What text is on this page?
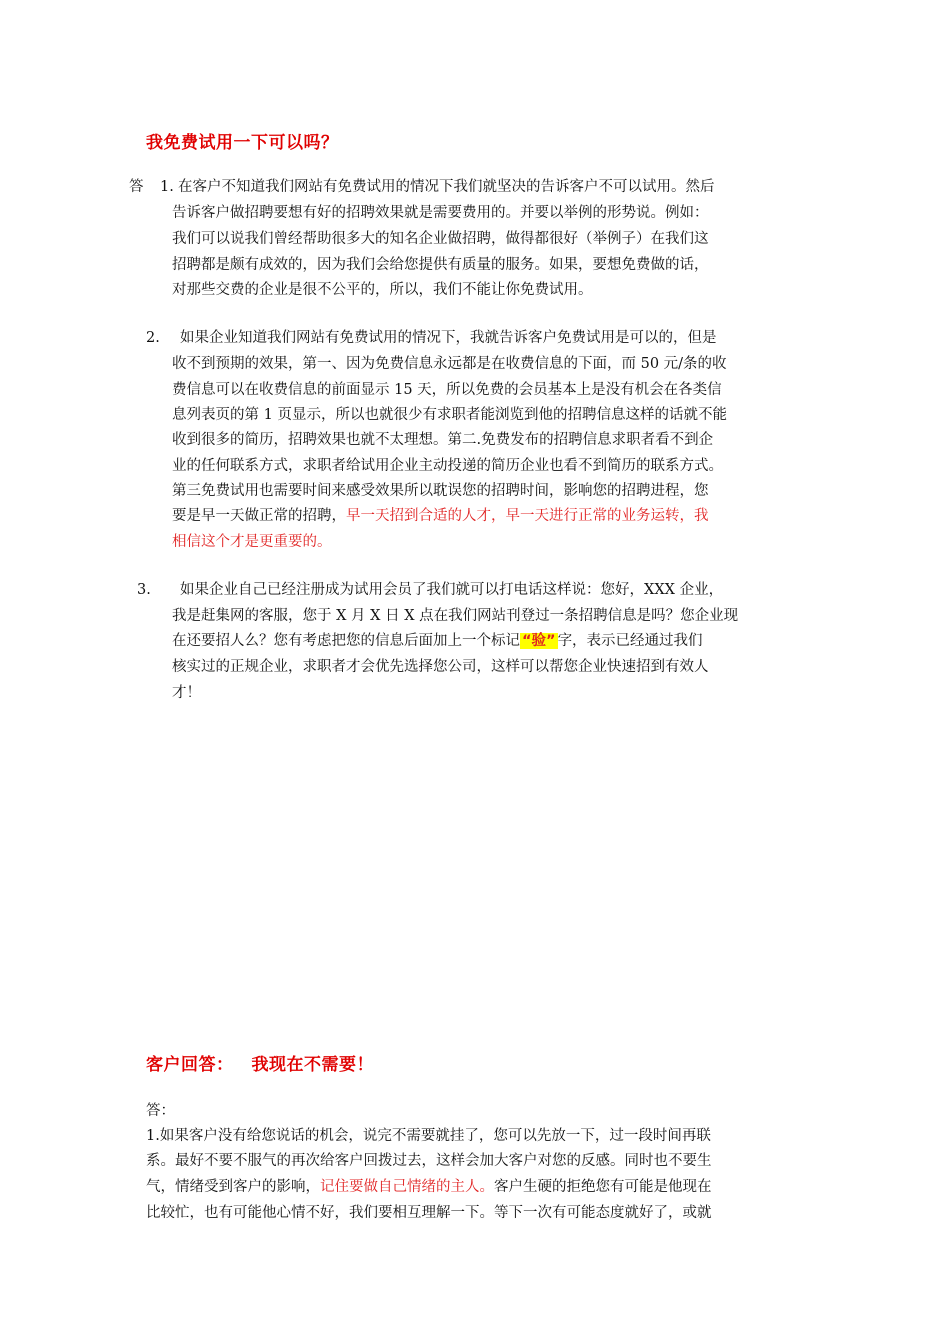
我免费试用一下可以吗？
答 1. 在客户不知道我们网站有免费试用的情况下我们就坚决的告诉客户不可以试用。然后
告诉客户做招聘要想有好的招聘效果就是需要费用的。并要以举例的形势说。例如：
我们可以说我们曾经帮助很多大的知名企业做招聘，做得都很好（举例子）在我们这
招聘都是颇有成效的，因为我们会给您提供有质量的服务。如果，要想免费做的话，
对那些交费的企业是很不公平的，所以，我们不能让你免费试用。
2. 如果企业知道我们网站有免费试用的情况下，我就告诉客户免费试用是可以的，但是
收不到预期的效果，第一、因为免费信息永远都是在收费信息的下面，而 50 元/条的收
费信息可以在收费信息的前面显示 15 天，所以免费的会员基本上是没有机会在各类信
息列表页的第 1 页显示，所以也就很少有求职者能浏览到他的招聘信息这样的话就不能
收到很多的简历，招聘效果也就不太理想。第二.免费发布的招聘信息求职者看不到企
业的任何联系方式，求职者给试用企业主动投递的简历企业也看不到简历的联系方式。
第三免费试用也需要时间来感受效果所以耽误您的招聘时间，影响您的招聘进程，您
要是早一天做正常的招聘，早一天招到合适的人才，早一天进行正常的业务运转，我
相信这个才是更重要的。
3. 如果企业自己已经注册成为试用会员了我们就可以打电话这样说：您好，XXX 企业，
我是赶集网的客服，您于 X 月 X 日 X 点在我们网站刊登过一条招聘信息是吗？您企业现
在还要招人么？您有考虑把您的信息后面加上一个标记 “验” 字，表示已经通过我们
核实过的正规企业，求职者才会优先选择您公司，这样可以帮您企业快速招到有效人
才！
客户回答： 我现在不需要！
答：
1.如果客户没有给您说话的机会，说完不需要就挂了，您可以先放一下，过一段时间再联
系。最好不要不服气的再次给客户回拨过去，这样会加大客户对您的反感。同时也不要生
气，情绪受到客户的影响，记住要做自己情绪的主人。客户生硬的拒绝您有可能是他现在
比较忙，也有可能他心情不好，我们要相互理解一下。等下一次有可能态度就好了，或就
